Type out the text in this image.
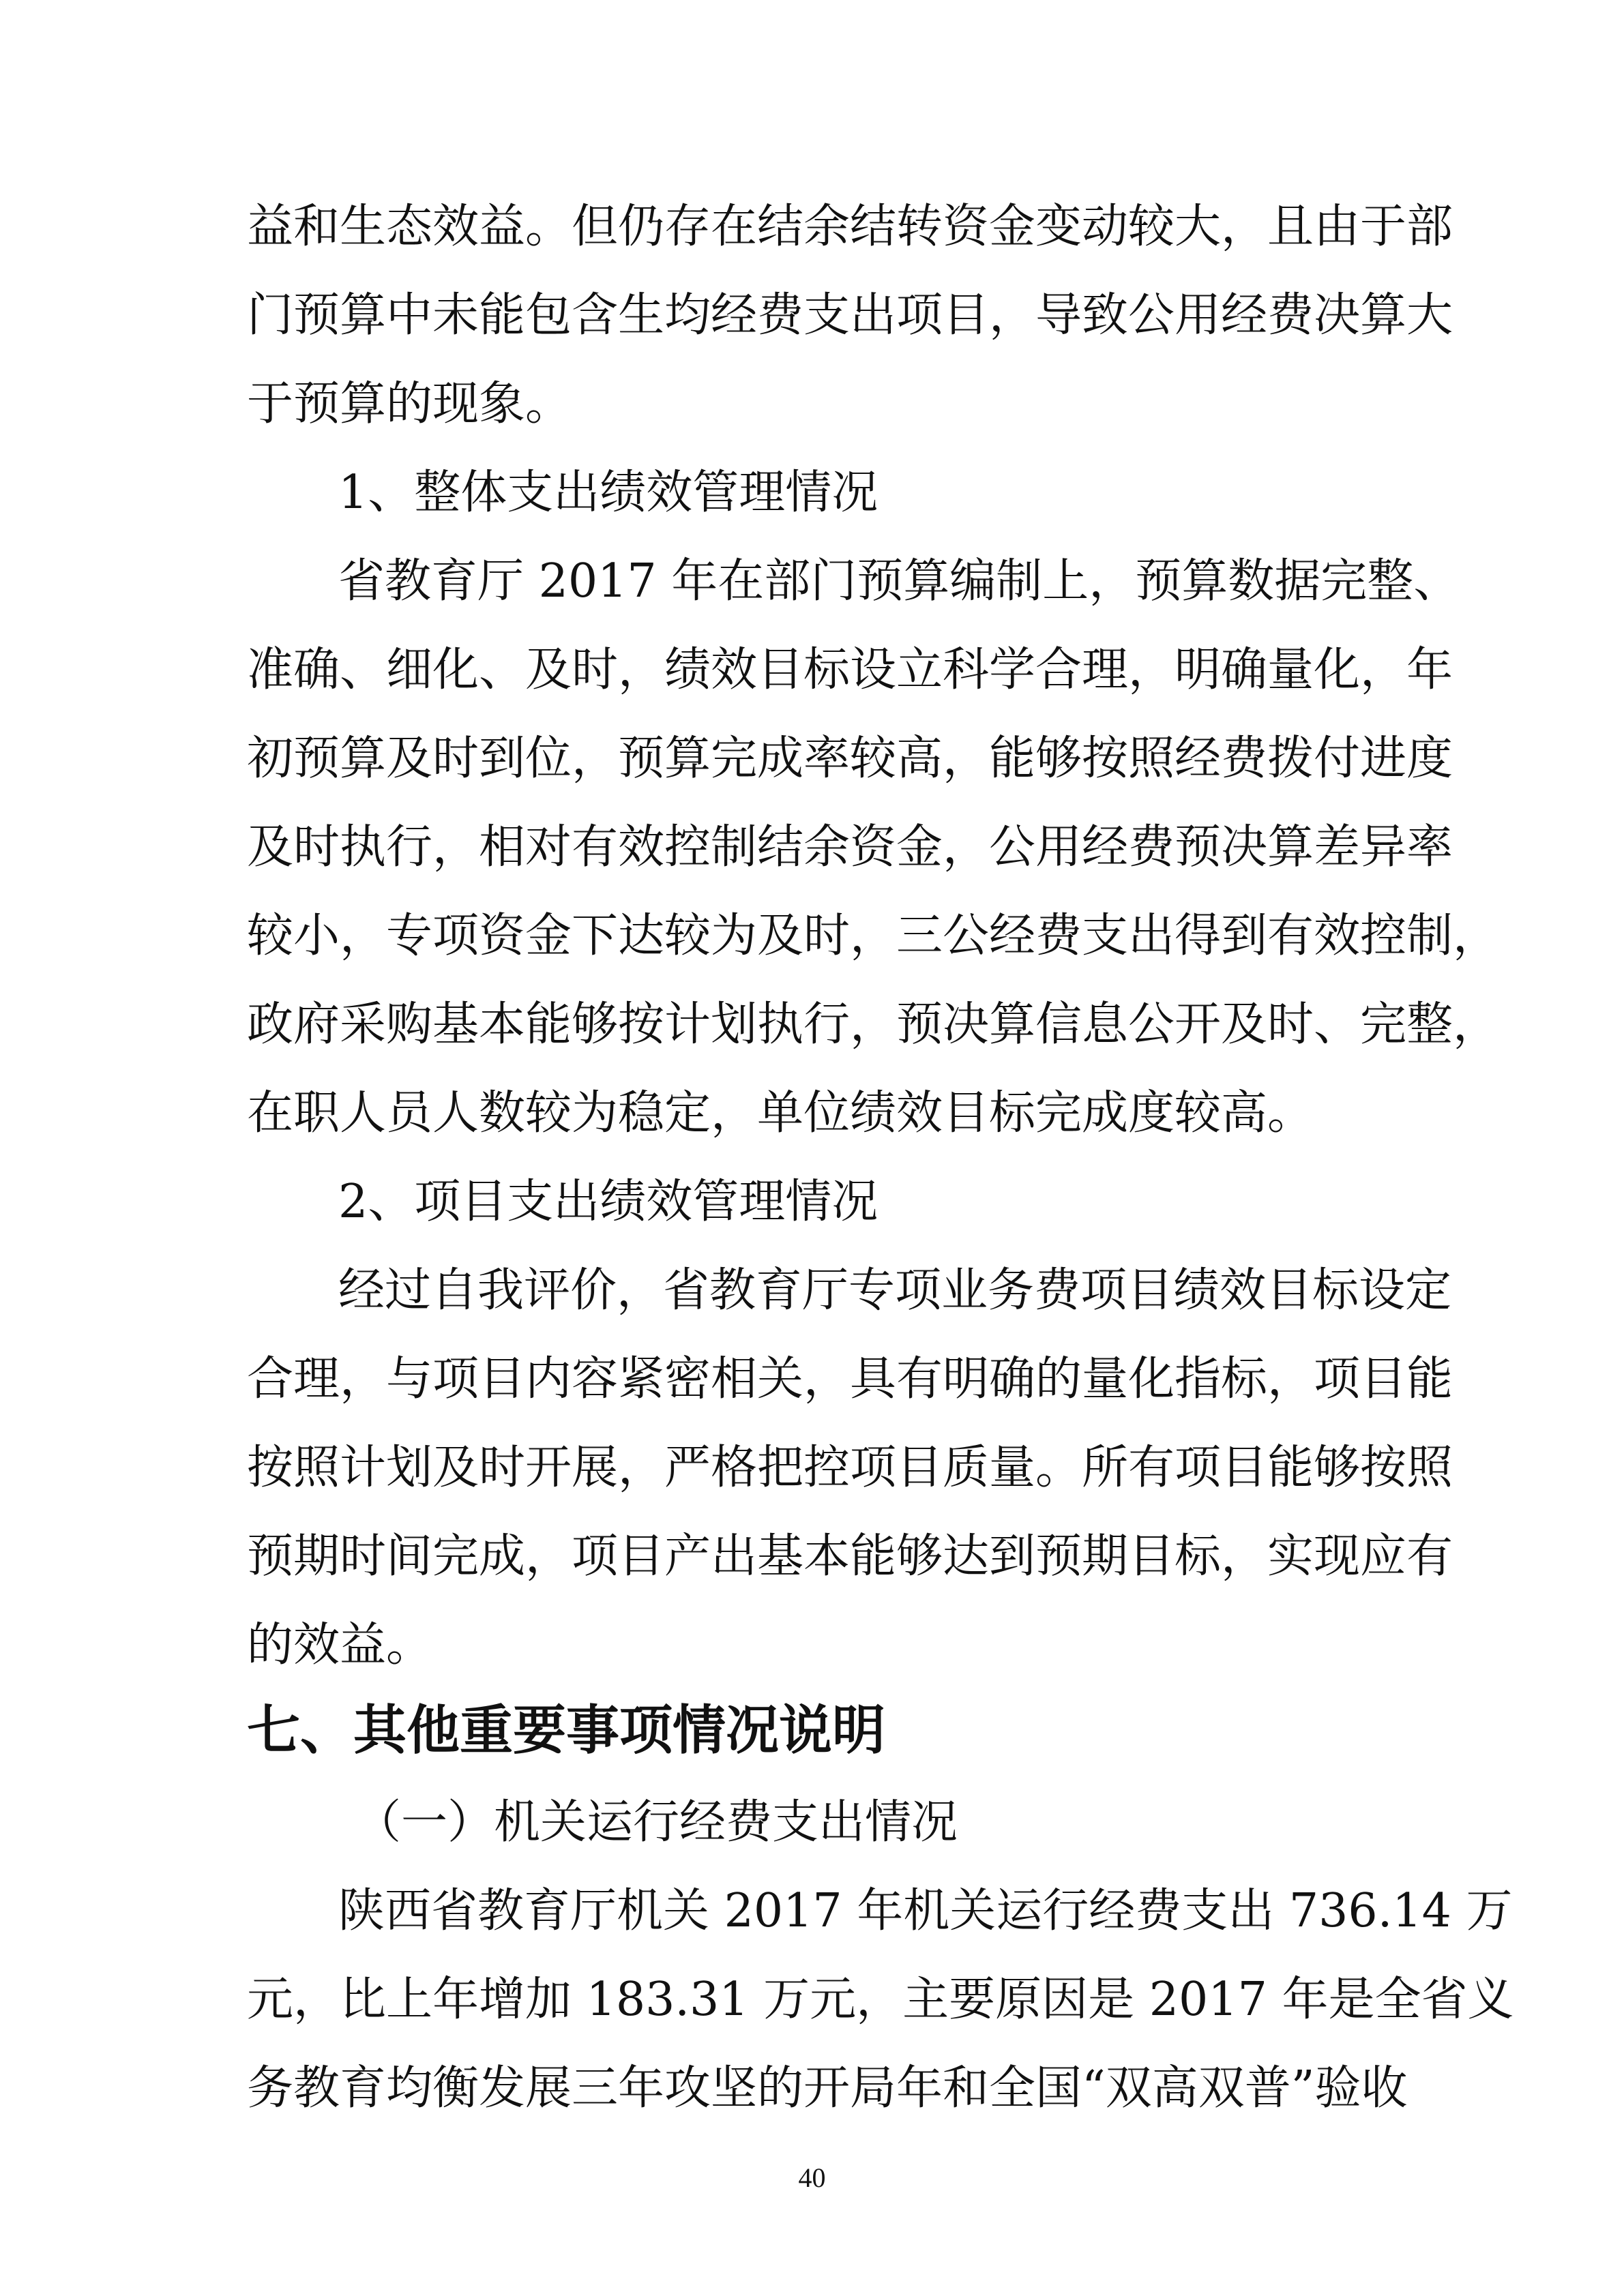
益和生态效益。但仍存在结余结转资金变动较大，且由于部
门预算中未能包含生均经费支出项目，导致公用经费决算大
于预算的现象。
1、整体支出绩效管理情况
省教育厅 2017 年在部门预算编制上，预算数据完整、
准确、细化、及时，绩效目标设立科学合理，明确量化，年
初预算及时到位，预算完成率较高，能够按照经费拨付进度
及时执行，相对有效控制结余资金，公用经费预决算差异率
较小，专项资金下达较为及时，三公经费支出得到有效控制，
政府采购基本能够按计划执行，预决算信息公开及时、完整，
在职人员人数较为稳定，单位绩效目标完成度较高。
2、项目支出绩效管理情况
经过自我评价，省教育厅专项业务费项目绩效目标设定
合理，与项目内容紧密相关，具有明确的量化指标，项目能
按照计划及时开展，严格把控项目质量。所有项目能够按照
预期时间完成，项目产出基本能够达到预期目标，实现应有
的效益。
七、其他重要事项情况说明
（一）机关运行经费支出情况
陕西省教育厅机关 2017 年机关运行经费支出 736.14 万
元，比上年增加 183.31 万元，主要原因是 2017 年是全省义
务教育均衡发展三年攻坚的开局年和全国“双高双普”验收
40
